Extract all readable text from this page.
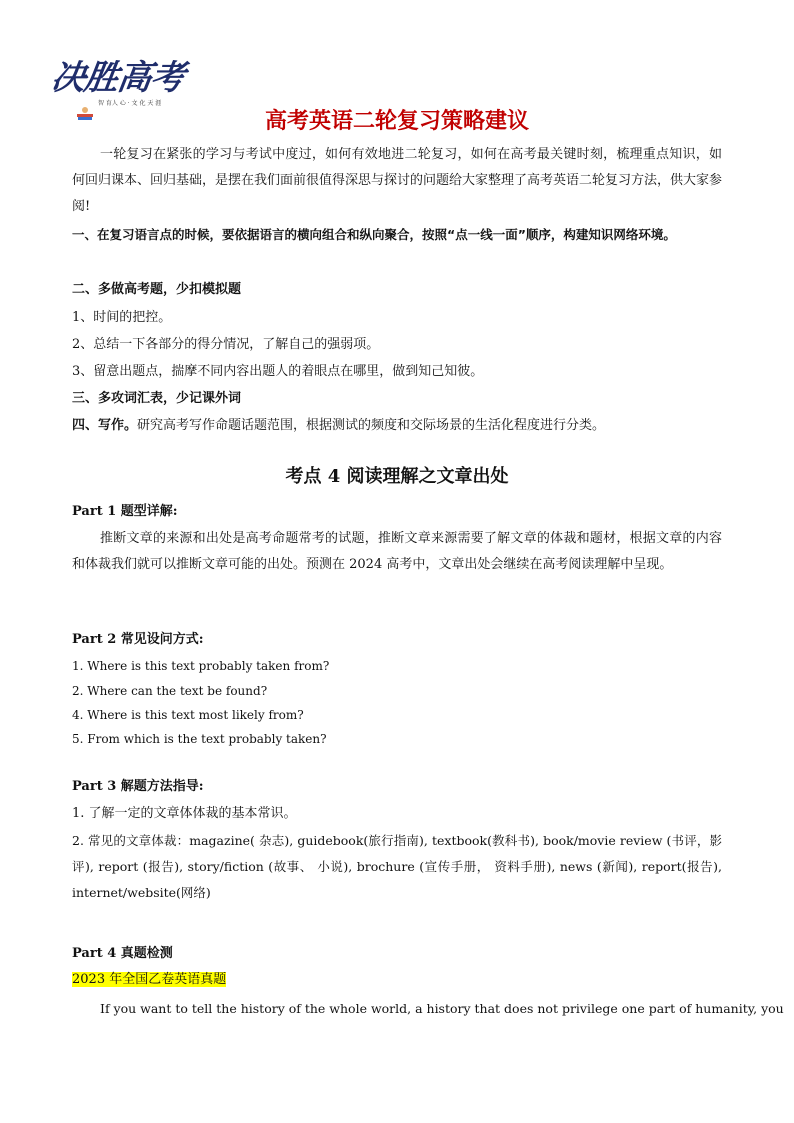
决胜高考
智 育人 心 · 文 化 天 涯
高考英语二轮复习策略建议
一轮复习在紧张的学习与考试中度过，如何有效地进二轮复习，如何在高考最关键时刻，梳理重点知识，如何回归课本、回归基础，是摆在我们面前很值得深思与探讨的问题给大家整理了高考英语二轮复习方法，供大家参阅!
一、在复习语言点的时候，要依据语言的横向组合和纵向聚合，按照“点一线一面”顺序，构建知识网络环境。
二、多做高考题，少扣模拟题
1、时间的把控。
2、总结一下各部分的得分情况，了解自己的强弱项。
3、留意出题点，揣摩不同内容出题人的着眼点在哪里，做到知己知彼。
三、多攻词汇表，少记课外词
四、写作。研究高考写作命题话题范围，根据测试的频度和交际场景的生活化程度进行分类。
考点 4 阅读理解之文章出处
Part 1 题型详解:
推断文章的来源和出处是高考命题常考的试题，推断文章来源需要了解文章的体裁和题材，根据文章的内容和体裁我们就可以推断文章可能的出处。预测在 2024 高考中，文章出处会继续在高考阅读理解中呈现。
Part 2 常见设问方式:
1. Where is this text probably taken from?
2. Where can the text be found?
4. Where is this text most likely from?
5. From which is the text probably taken?
Part 3 解题方法指导:
1. 了解一定的文章体体裁的基本常识。
2. 常见的文章体裁：magazine( 杂志), guidebook(旅行指南), textbook(教科书), book/movie review (书评，影评), report (报告), story/fiction (故事、 小说), brochure (宣传手册， 资料手册), news (新闻), report(报告), internet/website(网络)
Part 4 真题检测
2023 年全国乙卷英语真题
If you want to tell the history of the whole world, a history that does not privilege one part of humanity, you
